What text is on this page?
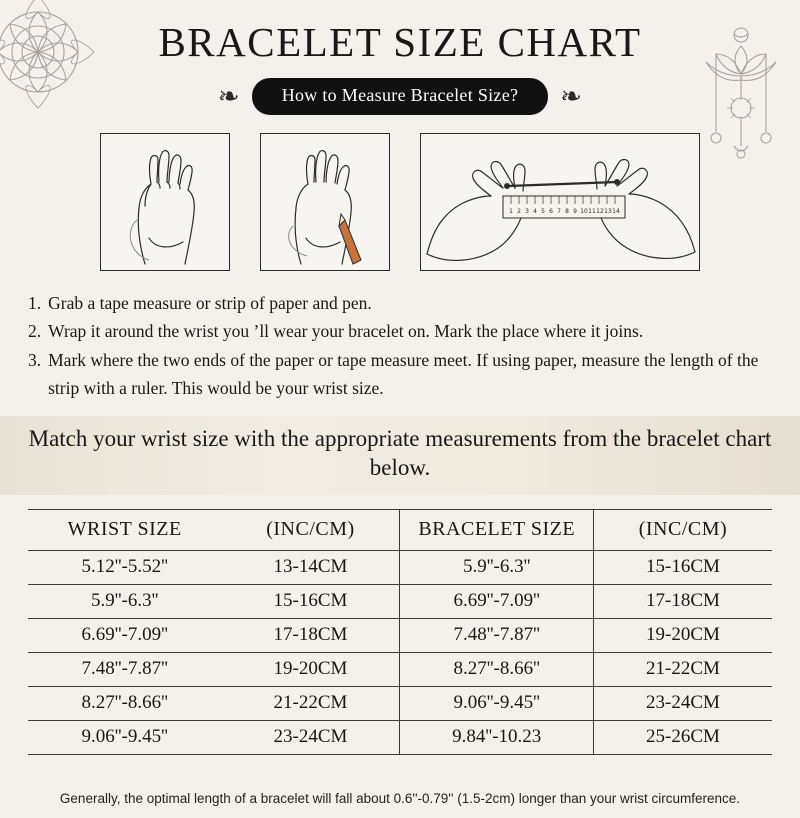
BRACELET SIZE CHART
❧	How to Measure Bracelet Size?	❧
1 2 3 4 5 6 7 8 9 10 11 12 13 14
1. Grab a tape measure or strip of paper and pen.
2. Wrap it around the wrist you ʼll wear your bracelet on. Mark the place where it joins.
3. Mark where the two ends of the paper or tape measure meet. If using paper, measure the length of the strip with a ruler. This would be your wrist size.
Match your wrist size with the appropriate measurements from the bracelet chart below.
WRIST SIZE	(INC/CM)	BRACELET SIZE	(INC/CM)
5.12''-5.52''	13-14CM	5.9''-6.3''	15-16CM
5.9''-6.3''	15-16CM	6.69''-7.09''	17-18CM
6.69''-7.09''	17-18CM	7.48''-7.87''	19-20CM
7.48''-7.87''	19-20CM	8.27''-8.66''	21-22CM
8.27''-8.66''	21-22CM	9.06''-9.45''	23-24CM
9.06''-9.45''	23-24CM	9.84''-10.23	25-26CM
Generally, the optimal length of a bracelet will fall about 0.6''-0.79'' (1.5-2cm) longer than your wrist circumference.
